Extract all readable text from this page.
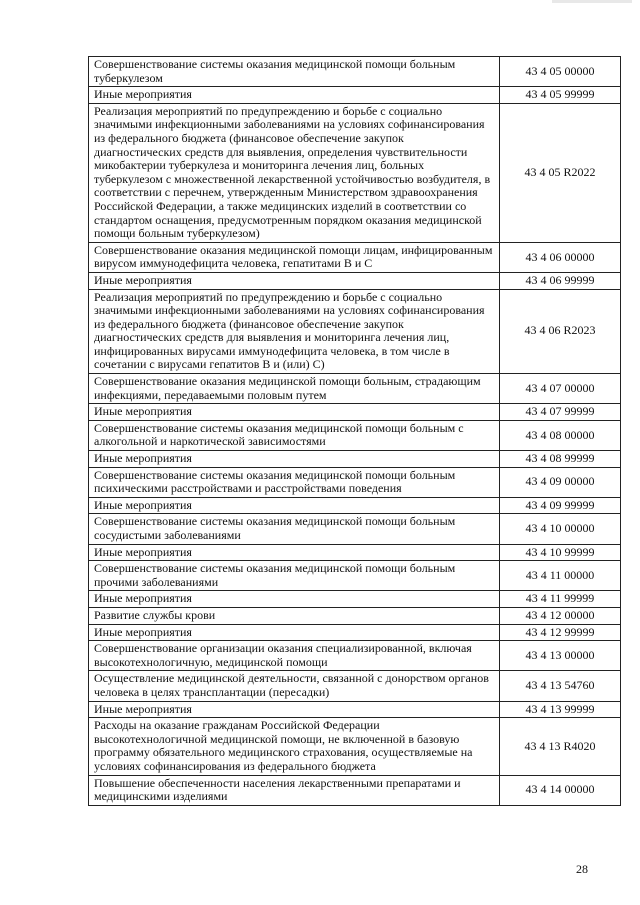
Совершенствование системы оказания медицинской помощи больным туберкулезом	43 4 05 00000
Иные мероприятия	43 4 05 99999
Реализация мероприятий по предупреждению и борьбе с социально значимыми инфекционными заболеваниями на условиях софинансирования из федерального бюджета (финансовое обеспечение закупок диагностических средств для выявления, определения чувствительности микобактерии туберкулеза и мониторинга лечения лиц, больных туберкулезом с множественной лекарственной устойчивостью возбудителя, в соответствии с перечнем, утвержденным Министерством здравоохранения Российской Федерации, а также медицинских изделий в соответствии со стандартом оснащения, предусмотренным порядком оказания медицинской помощи больным туберкулезом)	43 4 05 R2022
Совершенствование оказания медицинской помощи лицам, инфицированным вирусом иммунодефицита человека, гепатитами В и С	43 4 06 00000
Иные мероприятия	43 4 06 99999
Реализация мероприятий по предупреждению и борьбе с социально значимыми инфекционными заболеваниями на условиях софинансирования из федерального бюджета (финансовое обеспечение закупок диагностических средств для выявления и мониторинга лечения лиц, инфицированных вирусами иммунодефицита человека, в том числе в сочетании с вирусами гепатитов В и (или) С)	43 4 06 R2023
Совершенствование оказания медицинской помощи больным, страдающим инфекциями, передаваемыми половым путем	43 4 07 00000
Иные мероприятия	43 4 07 99999
Совершенствование системы оказания медицинской помощи больным с алкогольной и наркотической зависимостями	43 4 08 00000
Иные мероприятия	43 4 08 99999
Совершенствование системы оказания медицинской помощи больным психическими расстройствами и расстройствами поведения	43 4 09 00000
Иные мероприятия	43 4 09 99999
Совершенствование системы оказания медицинской помощи больным сосудистыми заболеваниями	43 4 10 00000
Иные мероприятия	43 4 10 99999
Совершенствование системы оказания медицинской помощи больным прочими заболеваниями	43 4 11 00000
Иные мероприятия	43 4 11 99999
Развитие службы крови	43 4 12 00000
Иные мероприятия	43 4 12 99999
Совершенствование организации оказания специализированной, включая высокотехнологичную, медицинской помощи	43 4 13 00000
Осуществление медицинской деятельности, связанной с донорством органов человека в целях трансплантации (пересадки)	43 4 13 54760
Иные мероприятия	43 4 13 99999
Расходы на оказание гражданам Российской Федерации высокотехнологичной медицинской помощи, не включенной в базовую программу обязательного медицинского страхования, осуществляемые на условиях софинансирования из федерального бюджета	43 4 13 R4020
Повышение обеспеченности населения лекарственными препаратами и медицинскими изделиями	43 4 14 00000
28
